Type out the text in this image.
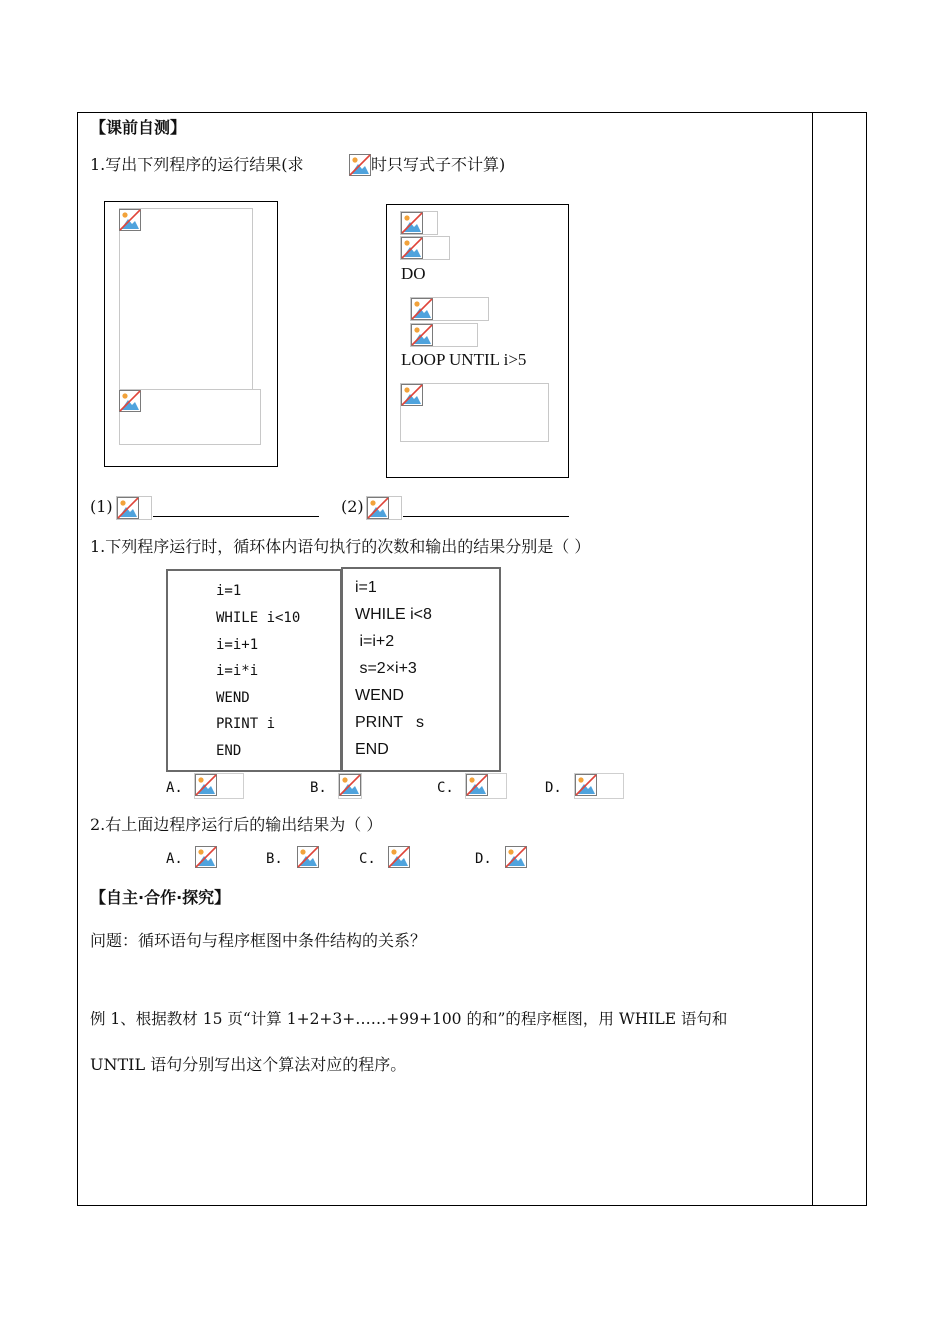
【课前自测】
1.写出下列程序的运行结果(求	时只写式子不计算)
DO
LOOP UNTIL i>5
(1)	(2)
1.下列程序运行时，循环体内语句执行的次数和输出的结果分别是（ ）
i=1
WHILE i<10
i=i+1
i=i*i
WEND
PRINT i
END
i=1
WHILE i<8
i=i+2
s=2×i+3
WEND
PRINT   s
END
A.	B.	C.	D.
2.右上面边程序运行后的输出结果为（ ）
A.	B.	C.	D.
【自主·合作·探究】
问题：循环语句与程序框图中条件结构的关系？
例 1、根据教材 15 页“计算 1+2+3+……+99+100 的和”的程序框图，用 WHILE 语句和
UNTIL 语句分别写出这个算法对应的程序。
